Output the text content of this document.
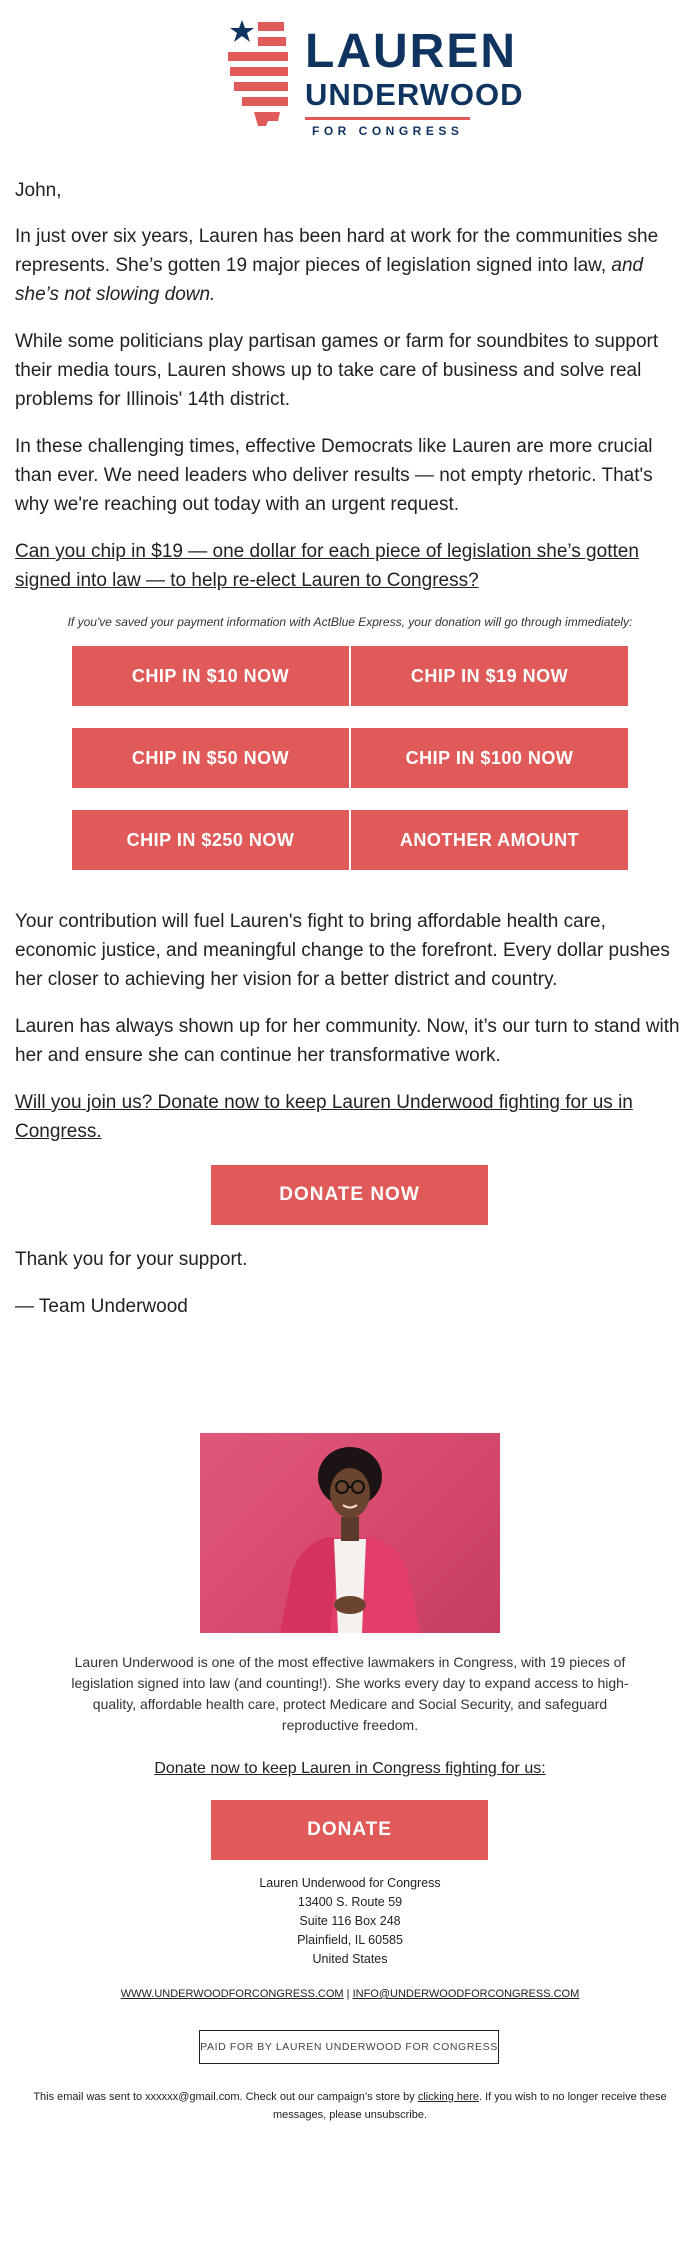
LAUREN
UNDERWOOD
FOR CONGRESS

John,

In just over six years, Lauren has been hard at work for the communities she represents. She’s gotten 19 major pieces of legislation signed into law, and she’s not slowing down.

While some politicians play partisan games or farm for soundbites to support their media tours, Lauren shows up to take care of business and solve real problems for Illinois' 14th district.

In these challenging times, effective Democrats like Lauren are more crucial than ever. We need leaders who deliver results — not empty rhetoric. That's why we're reaching out today with an urgent request.

Can you chip in $19 — one dollar for each piece of legislation she’s gotten signed into law — to help re-elect Lauren to Congress?

If you've saved your payment information with ActBlue Express, your donation will go through immediately:
CHIP IN $10 NOW	CHIP IN $19 NOW
CHIP IN $50 NOW	CHIP IN $100 NOW
CHIP IN $250 NOW	ANOTHER AMOUNT

Your contribution will fuel Lauren's fight to bring affordable health care, economic justice, and meaningful change to the forefront. Every dollar pushes her closer to achieving her vision for a better district and country.

Lauren has always shown up for her community. Now, it’s our turn to stand with her and ensure she can continue her transformative work.

Will you join us? Donate now to keep Lauren Underwood fighting for us in Congress.

DONATE NOW

Thank you for your support.

— Team Underwood

Lauren Underwood is one of the most effective lawmakers in Congress, with 19 pieces of legislation signed into law (and counting!). She works every day to expand access to high-quality, affordable health care, protect Medicare and Social Security, and safeguard reproductive freedom.
Donate now to keep Lauren in Congress fighting for us:
DONATE
Lauren Underwood for Congress
13400 S. Route 59
Suite 116 Box 248
Plainfield, IL 60585
United States
WWW.UNDERWOODFORCONGRESS.COM | INFO@UNDERWOODFORCONGRESS.COM
PAID FOR BY LAUREN UNDERWOOD FOR CONGRESS
This email was sent to xxxxxx@gmail.com. Check out our campaign’s store by clicking here. If you wish to no longer receive these messages, please unsubscribe.
